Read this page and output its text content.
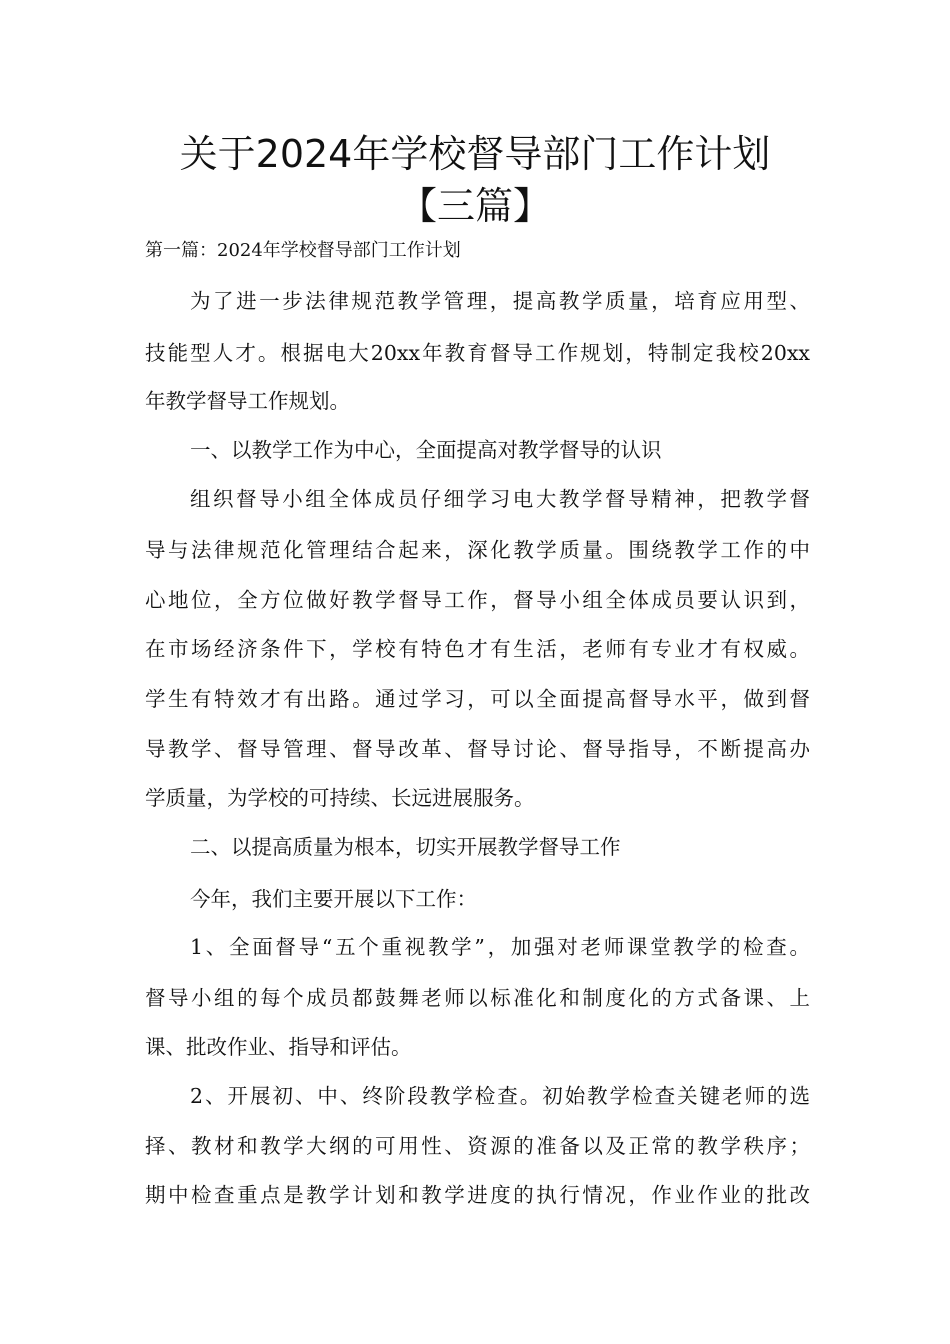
关于2024年学校督导部门工作计划
【三篇】
第一篇：2024年学校督导部门工作计划
为了进一步法律规范教学管理，提高教学质量，培育应用型、
技能型人才。根据电大20xx年教育督导工作规划，特制定我校20xx
年教学督导工作规划。
一、以教学工作为中心，全面提高对教学督导的认识
组织督导小组全体成员仔细学习电大教学督导精神，把教学督
导与法律规范化管理结合起来，深化教学质量。围绕教学工作的中
心地位，全方位做好教学督导工作，督导小组全体成员要认识到，
在市场经济条件下，学校有特色才有生活，老师有专业才有权威。
学生有特效才有出路。通过学习，可以全面提高督导水平，做到督
导教学、督导管理、督导改革、督导讨论、督导指导，不断提高办
学质量，为学校的可持续、长远进展服务。
二、以提高质量为根本，切实开展教学督导工作
今年，我们主要开展以下工作：
1、全面督导“五个重视教学”，加强对老师课堂教学的检查。
督导小组的每个成员都鼓舞老师以标准化和制度化的方式备课、上
课、批改作业、指导和评估。
2、开展初、中、终阶段教学检查。初始教学检查关键老师的选
择、教材和教学大纲的可用性、资源的准备以及正常的教学秩序；
期中检查重点是教学计划和教学进度的执行情况，作业作业的批改
